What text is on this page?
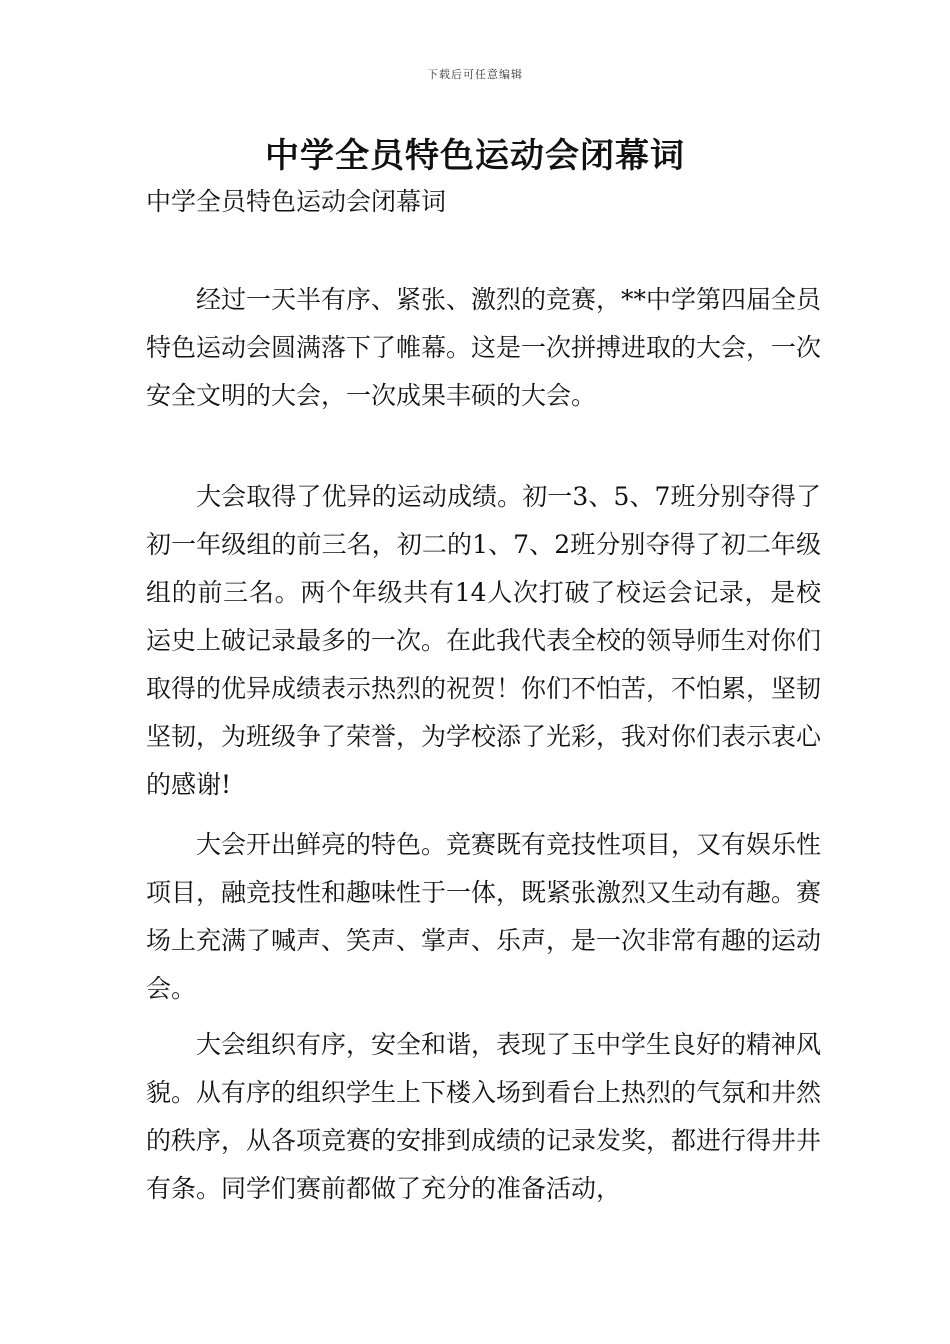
下载后可任意编辑
中学全员特色运动会闭幕词

中学全员特色运动会闭幕词

经过一天半有序、紧张、激烈的竞赛，**中学第四届全员特色运动会圆满落下了帷幕。这是一次拼搏进取的大会，一次安全文明的大会，一次成果丰硕的大会。

大会取得了优异的运动成绩。初一3、5、7班分别夺得了初一年级组的前三名，初二的1、7、2班分别夺得了初二年级组的前三名。两个年级共有14人次打破了校运会记录，是校运史上破记录最多的一次。在此我代表全校的领导师生对你们取得的优异成绩表示热烈的祝贺！你们不怕苦，不怕累，坚韧坚韧，为班级争了荣誉，为学校添了光彩，我对你们表示衷心的感谢!

大会开出鲜亮的特色。竞赛既有竞技性项目，又有娱乐性项目，融竞技性和趣味性于一体，既紧张激烈又生动有趣。赛场上充满了喊声、笑声、掌声、乐声，是一次非常有趣的运动会。

大会组织有序，安全和谐，表现了玉中学生良好的精神风貌。从有序的组织学生上下楼入场到看台上热烈的气氛和井然的秩序，从各项竞赛的安排到成绩的记录发奖，都进行得井井有条。同学们赛前都做了充分的准备活动，
